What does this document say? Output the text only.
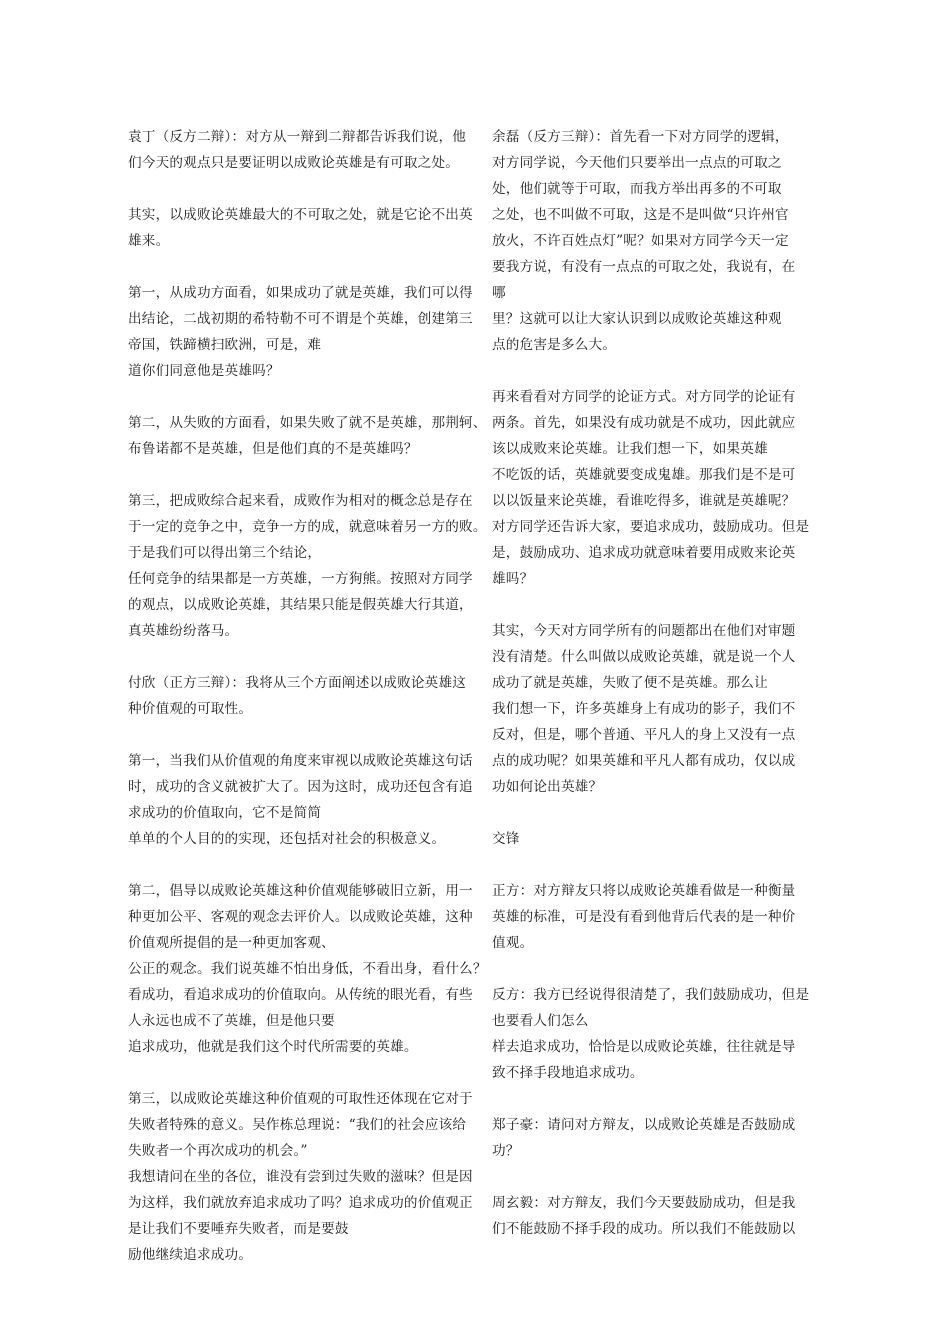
袁丁（反方二辩）：对方从一辩到二辩都告诉我们说，他
们今天的观点只是要证明以成败论英雄是有可取之处。
其实，以成败论英雄最大的不可取之处，就是它论不出英
雄来。
第一，从成功方面看，如果成功了就是英雄，我们可以得
出结论，二战初期的希特勒不可不谓是个英雄，创建第三
帝国，铁蹄横扫欧洲，可是，难
道你们同意他是英雄吗？
第二，从失败的方面看，如果失败了就不是英雄，那荆轲、
布鲁诺都不是英雄，但是他们真的不是英雄吗？
第三，把成败综合起来看，成败作为相对的概念总是存在
于一定的竞争之中，竞争一方的成，就意味着另一方的败。
于是我们可以得出第三个结论，
任何竞争的结果都是一方英雄，一方狗熊。按照对方同学
的观点，以成败论英雄，其结果只能是假英雄大行其道，
真英雄纷纷落马。
付欣（正方三辩）：我将从三个方面阐述以成败论英雄这
种价值观的可取性。
第一，当我们从价值观的角度来审视以成败论英雄这句话
时，成功的含义就被扩大了。因为这时，成功还包含有追
求成功的价值取向，它不是简简
单单的个人目的的实现，还包括对社会的积极意义。
第二，倡导以成败论英雄这种价值观能够破旧立新，用一
种更加公平、客观的观念去评价人。以成败论英雄，这种
价值观所提倡的是一种更加客观、
公正的观念。我们说英雄不怕出身低，不看出身，看什么？
看成功，看追求成功的价值取向。从传统的眼光看，有些
人永远也成不了英雄，但是他只要
追求成功，他就是我们这个时代所需要的英雄。
第三，以成败论英雄这种价值观的可取性还体现在它对于
失败者特殊的意义。吴作栋总理说：“我们的社会应该给
失败者一个再次成功的机会。”
我想请问在坐的各位，谁没有尝到过失败的滋味？但是因
为这样，我们就放弃追求成功了吗？追求成功的价值观正
是让我们不要唾弃失败者，而是要鼓
励他继续追求成功。
余磊（反方三辩）：首先看一下对方同学的逻辑，
对方同学说，今天他们只要举出一点点的可取之
处，他们就等于可取，而我方举出再多的不可取
之处，也不叫做不可取，这是不是叫做“只许州官
放火，不许百姓点灯”呢？如果对方同学今天一定
要我方说，有没有一点点的可取之处，我说有，在
哪
里？这就可以让大家认识到以成败论英雄这种观
点的危害是多么大。
再来看看对方同学的论证方式。对方同学的论证有
两条。首先，如果没有成功就是不成功，因此就应
该以成败来论英雄。让我们想一下，如果英雄
不吃饭的话，英雄就要变成鬼雄。那我们是不是可
以以饭量来论英雄，看谁吃得多，谁就是英雄呢？
对方同学还告诉大家，要追求成功，鼓励成功。但是
是，鼓励成功、追求成功就意味着要用成败来论英
雄吗？
其实，今天对方同学所有的问题都出在他们对审题
没有清楚。什么叫做以成败论英雄，就是说一个人
成功了就是英雄，失败了便不是英雄。那么让
我们想一下，许多英雄身上有成功的影子，我们不
反对，但是，哪个普通、平凡人的身上又没有一点
点的成功呢？如果英雄和平凡人都有成功，仅以成
功如何论出英雄？
交锋
正方：对方辩友只将以成败论英雄看做是一种衡量
英雄的标准，可是没有看到他背后代表的是一种价
值观。
反方：我方已经说得很清楚了，我们鼓励成功，但是
也要看人们怎么
样去追求成功，恰恰是以成败论英雄，往往就是导
致不择手段地追求成功。
郑子豪：请问对方辩友，以成败论英雄是否鼓励成
功？
周玄毅：对方辩友，我们今天要鼓励成功，但是我
们不能鼓励不择手段的成功。所以我们不能鼓励以
